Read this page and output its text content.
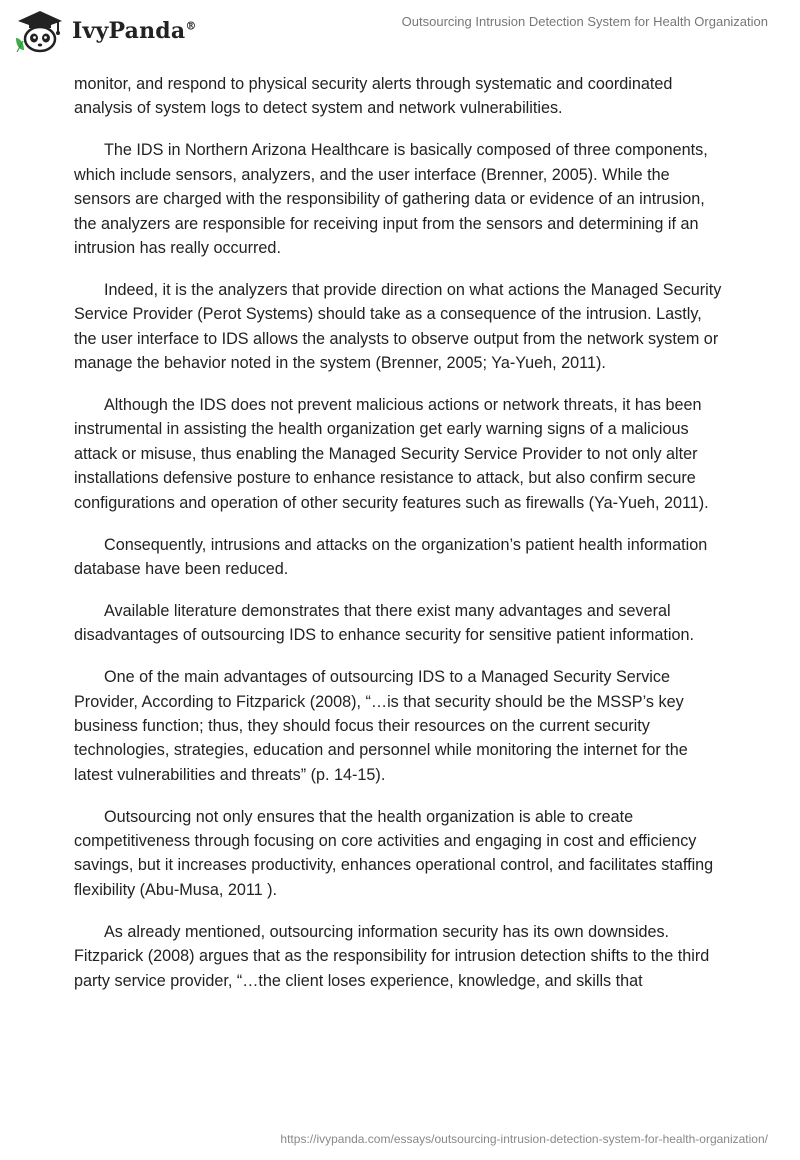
IvyPanda®	Outsourcing Intrusion Detection System for Health Organization

monitor, and respond to physical security alerts through systematic and coordinated analysis of system logs to detect system and network vulnerabilities.

The IDS in Northern Arizona Healthcare is basically composed of three components, which include sensors, analyzers, and the user interface (Brenner, 2005). While the sensors are charged with the responsibility of gathering data or evidence of an intrusion, the analyzers are responsible for receiving input from the sensors and determining if an intrusion has really occurred.

Indeed, it is the analyzers that provide direction on what actions the Managed Security Service Provider (Perot Systems) should take as a consequence of the intrusion. Lastly, the user interface to IDS allows the analysts to observe output from the network system or manage the behavior noted in the system (Brenner, 2005; Ya-Yueh, 2011).

Although the IDS does not prevent malicious actions or network threats, it has been instrumental in assisting the health organization get early warning signs of a malicious attack or misuse, thus enabling the Managed Security Service Provider to not only alter installations defensive posture to enhance resistance to attack, but also confirm secure configurations and operation of other security features such as firewalls (Ya-Yueh, 2011).

Consequently, intrusions and attacks on the organization’s patient health information database have been reduced.

Available literature demonstrates that there exist many advantages and several disadvantages of outsourcing IDS to enhance security for sensitive patient information.

One of the main advantages of outsourcing IDS to a Managed Security Service Provider, According to Fitzparick (2008), “…is that security should be the MSSP’s key business function; thus, they should focus their resources on the current security technologies, strategies, education and personnel while monitoring the internet for the latest vulnerabilities and threats” (p. 14-15).

Outsourcing not only ensures that the health organization is able to create competitiveness through focusing on core activities and engaging in cost and efficiency savings, but it increases productivity, enhances operational control, and facilitates staffing flexibility (Abu-Musa, 2011 ).

As already mentioned, outsourcing information security has its own downsides. Fitzparick (2008) argues that as the responsibility for intrusion detection shifts to the third party service provider, “…the client loses experience, knowledge, and skills that

https://ivypanda.com/essays/outsourcing-intrusion-detection-system-for-health-organization/
